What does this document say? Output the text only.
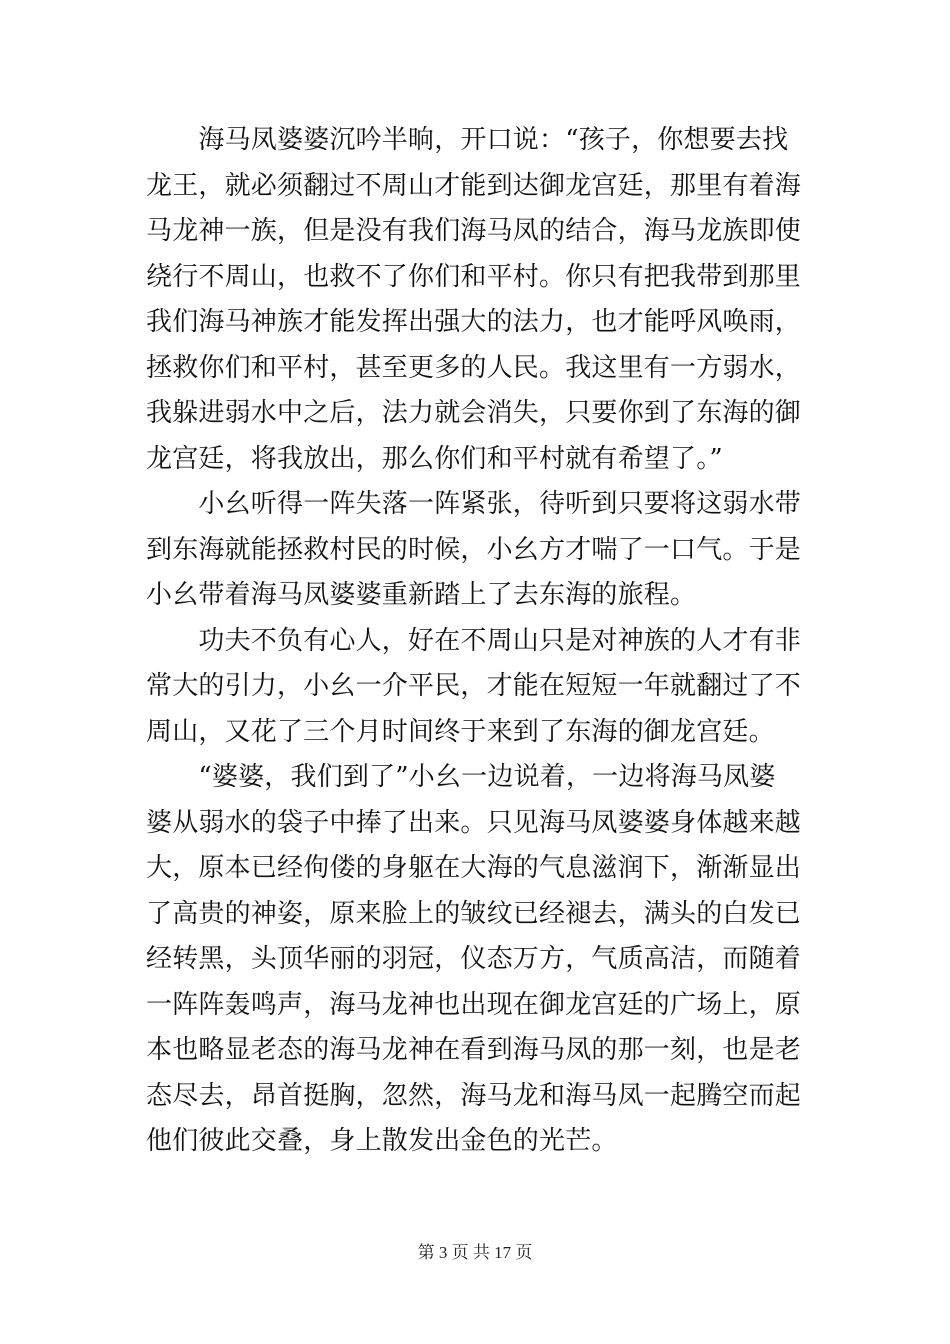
　　海马凤婆婆沉吟半晌，开口说：“孩子，你想要去找
龙王，就必须翻过不周山才能到达御龙宫廷，那里有着海
马龙神一族，但是没有我们海马凤的结合，海马龙族即使
绕行不周山，也救不了你们和平村。你只有把我带到那里
我们海马神族才能发挥出强大的法力，也才能呼风唤雨，
拯救你们和平村，甚至更多的人民。我这里有一方弱水，
我躲进弱水中之后，法力就会消失，只要你到了东海的御
龙宫廷，将我放出，那么你们和平村就有希望了。”
　　小幺听得一阵失落一阵紧张，待听到只要将这弱水带
到东海就能拯救村民的时候，小幺方才喘了一口气。于是
小幺带着海马凤婆婆重新踏上了去东海的旅程。
　　功夫不负有心人，好在不周山只是对神族的人才有非
常大的引力，小幺一介平民，才能在短短一年就翻过了不
周山，又花了三个月时间终于来到了东海的御龙宫廷。
　　“婆婆，我们到了”小幺一边说着，一边将海马凤婆
婆从弱水的袋子中捧了出来。只见海马凤婆婆身体越来越
大，原本已经佝偻的身躯在大海的气息滋润下，渐渐显出
了高贵的神姿，原来脸上的皱纹已经褪去，满头的白发已
经转黑，头顶华丽的羽冠，仪态万方，气质高洁，而随着
一阵阵轰鸣声，海马龙神也出现在御龙宫廷的广场上，原
本也略显老态的海马龙神在看到海马凤的那一刻，也是老
态尽去，昂首挺胸，忽然，海马龙和海马凤一起腾空而起
他们彼此交叠，身上散发出金色的光芒。
第 3 页 共 17 页
